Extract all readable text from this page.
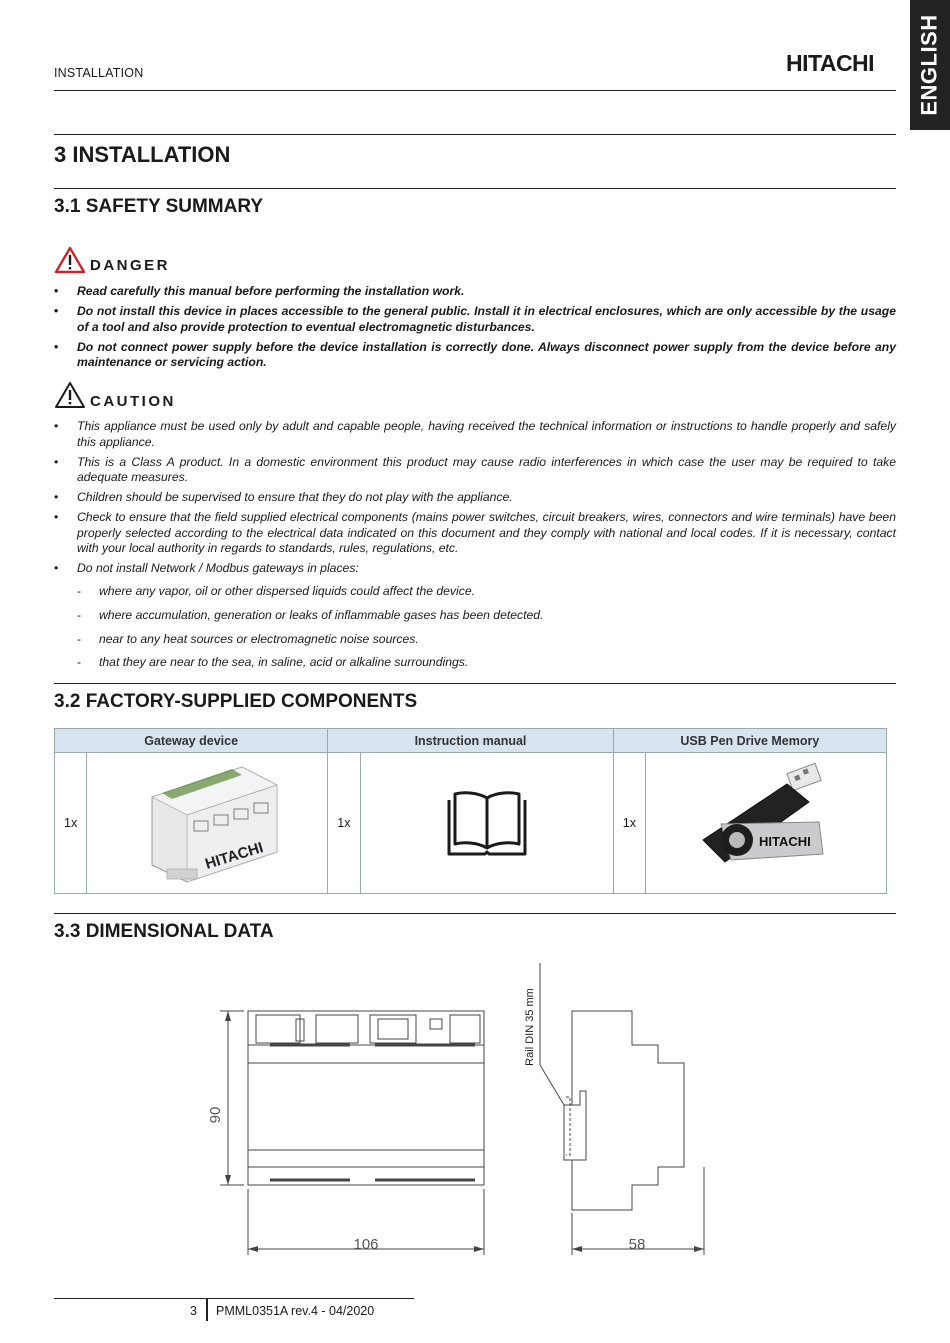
INSTALLATION	HITACHI ENGLISH
3 INSTALLATION
3.1 SAFETY SUMMARY
DANGER
• Read carefully this manual before performing the installation work.
• Do not install this device in places accessible to the general public. Install it in electrical enclosures, which are only accessible by the usage of a tool and also provide protection to eventual electromagnetic disturbances.
• Do not connect power supply before the device installation is correctly done. Always disconnect power supply from the device before any maintenance or servicing action.
CAUTION
• This appliance must be used only by adult and capable people, having received the technical information or instructions to handle properly and safely this appliance.
• This is a Class A product. In a domestic environment this product may cause radio interferences in which case the user may be required to take adequate measures.
• Children should be supervised to ensure that they do not play with the appliance.
• Check to ensure that the field supplied electrical components (mains power switches, circuit breakers, wires, connectors and wire terminals) have been properly selected according to the electrical data indicated on this document and they comply with national and local codes. If it is necessary, contact with your local authority in regards to standards, rules, regulations, etc.
• Do not install Network / Modbus gateways in places:
- where any vapor, oil or other dispersed liquids could affect the device.
- where accumulation, generation or leaks of inflammable gases has been detected.
- near to any heat sources or electromagnetic noise sources.
- that they are near to the sea, in saline, acid or alkaline surroundings.
3.2 FACTORY-SUPPLIED COMPONENTS
Gateway device		Instruction manual		USB Pen Drive Memory	
1x	HITACHI	1x		1x	HITACHI
3.3 DIMENSIONAL DATA
90
106	58
Rail DIN 35 mm
3 PMML0351A rev.4 - 04/2020
